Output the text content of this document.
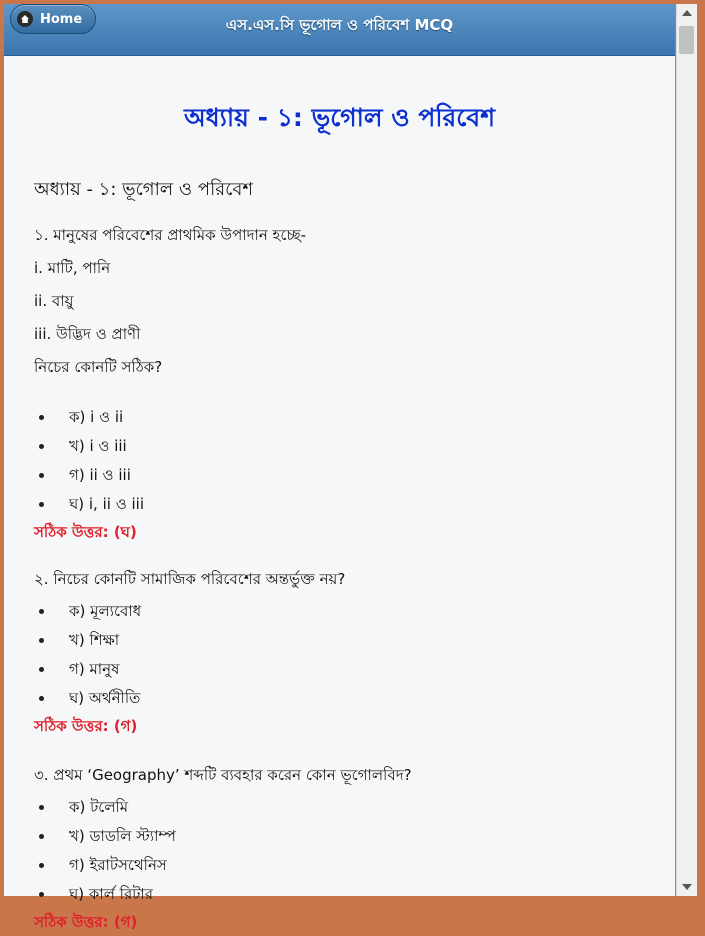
Home	এস.এস.সি ভূগোল ও পরিবেশ MCQ
অধ্যায় - ১: ভূগোল ও পরিবেশ
অধ্যায় - ১: ভূগোল ও পরিবেশ
১. মানুষের পরিবেশের প্রাথমিক উপাদান হচ্ছে-
i. মাটি, পানি
ii. বায়ু
iii. উদ্ভিদ ও প্রাণী
নিচের কোনটি সঠিক?
ক) i ও ii
খ) i ও iii
গ) ii ও iii
ঘ) i, ii ও iii
সঠিক উত্তর: (ঘ)
২. নিচের কোনটি সামাজিক পরিবেশের অন্তর্ভুক্ত নয়?
ক) মূল্যবোধ
খ) শিক্ষা
গ) মানুষ
ঘ) অর্থনীতি
সঠিক উত্তর: (গ)
৩. প্রথম ‘Geography’ শব্দটি ব্যবহার করেন কোন ভূগোলবিদ?
ক) টলেমি
খ) ডাডলি স্ট্যাম্প
গ) ইরাটসথেনিস
ঘ) কার্ল রিটার
সঠিক উত্তর: (গ)
